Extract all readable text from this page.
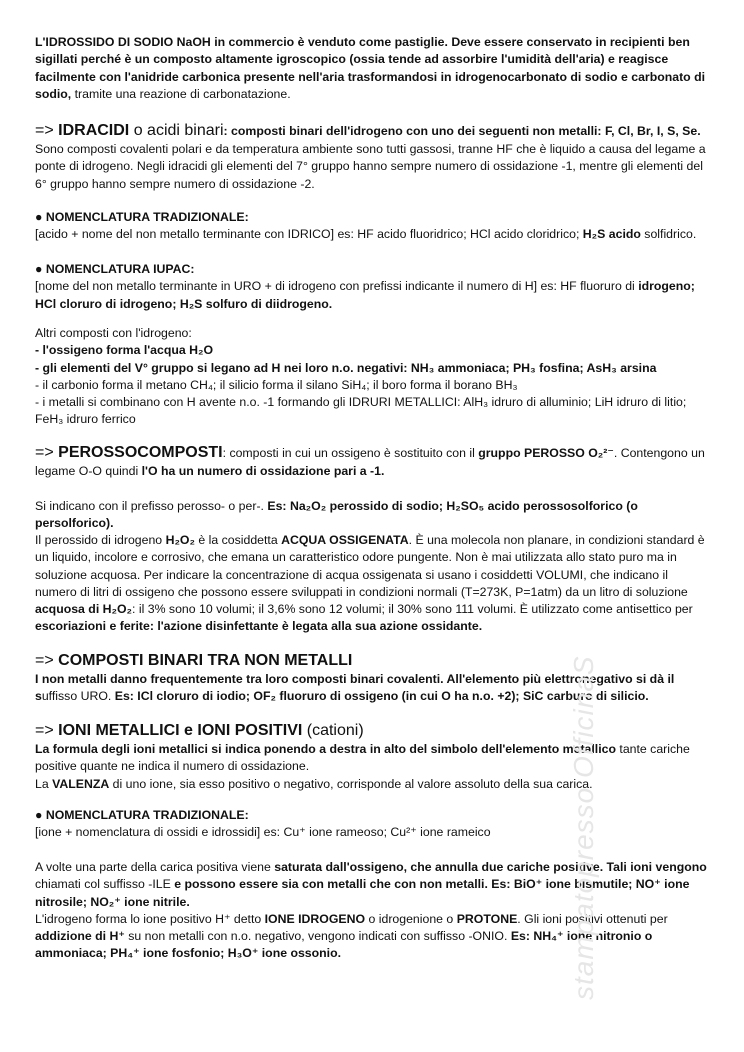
L'IDROSSIDO DI SODIO NaOH in commercio è venduto come pastiglie. Deve essere conservato in recipienti ben sigillati perché è un composto altamente igroscopico (ossia tende ad assorbire l'umidità dell'aria) e reagisce facilmente con l'anidride carbonica presente nell'aria trasformandosi in idrogenocarbonato di sodio e carbonato di sodio, tramite una reazione di carbonatazione.

=> IDRACIDI o acidi binari: composti binari dell'idrogeno con uno dei seguenti non metalli: F, Cl, Br, I, S, Se.

Sono composti covalenti polari e da temperatura ambiente sono tutti gassosi, tranne HF che è liquido a causa del legame a ponte di idrogeno. Negli idracidi gli elementi del 7° gruppo hanno sempre numero di ossidazione -1, mentre gli elementi del 6° gruppo hanno sempre numero di ossidazione -2.

● NOMENCLATURA TRADIZIONALE:

[acido + nome del non metallo terminante con IDRICO] es: HF acido fluoridrico; HCl acido cloridrico; H₂S acido solfidrico.

● NOMENCLATURA IUPAC:

[nome del non metallo terminante in URO + di idrogeno con prefissi indicante il numero di H] es: HF fluoruro di idrogeno; HCl cloruro di idrogeno; H₂S solfuro di diidrogeno.

Altri composti con l'idrogeno:

- l'ossigeno forma l'acqua H₂O

- gli elementi del V° gruppo si legano ad H nei loro n.o. negativi: NH₃ ammoniaca; PH₃ fosfina; AsH₃ arsina

- il carbonio forma il metano CH₄; il silicio forma il silano SiH₄; il boro forma il borano BH₃

- i metalli si combinano con H avente n.o. -1 formando gli IDRURI METALLICI: AlH₃ idruro di alluminio; LiH idruro di litio; FeH₃ idruro ferrico

=> PEROSSOCOMPOSTI: composti in cui un ossigeno è sostituito con il gruppo PEROSSO O₂²⁻. Contengono un legame O-O quindi l'O ha un numero di ossidazione pari a -1.

Si indicano con il prefisso perosso- o per-. Es: Na₂O₂ perossido di sodio; H₂SO₅ acido perossosolforico (o persolforico).

Il perossido di idrogeno H₂O₂ è la cosiddetta ACQUA OSSIGENATA. È una molecola non planare, in condizioni standard è un liquido, incolore e corrosivo, che emana un caratteristico odore pungente. Non è mai utilizzata allo stato puro ma in soluzione acquosa. Per indicare la concentrazione di acqua ossigenata si usano i cosiddetti VOLUMI, che indicano il numero di litri di ossigeno che possono essere sviluppati in condizioni normali (T=273K, P=1atm) da un litro di soluzione acquosa di H₂O₂: il 3% sono 10 volumi; il 3,6% sono 12 volumi; il 30% sono 111 volumi. È utilizzato come antisettico per escoriazioni e ferite: l'azione disinfettante è legata alla sua azione ossidante.

=> COMPOSTI BINARI TRA NON METALLI

I non metalli danno frequentemente tra loro composti binari covalenti. All'elemento più elettronegativo si dà il suffisso URO. Es: ICl cloruro di iodio; OF₂ fluoruro di ossigeno (in cui O ha n.o. +2); SiC carburo di silicio.

=> IONI METALLICI e IONI POSITIVI (cationi)

La formula degli ioni metallici si indica ponendo a destra in alto del simbolo dell'elemento metallico tante cariche positive quante ne indica il numero di ossidazione.

La VALENZA di uno ione, sia esso positivo o negativo, corrisponde al valore assoluto della sua carica.

● NOMENCLATURA TRADIZIONALE:

[ione + nomenclatura di ossidi e idrossidi] es: Cu⁺ ione rameoso; Cu²⁺ ione rameico

A volte una parte della carica positiva viene saturata dall'ossigeno, che annulla due cariche positive. Tali ioni vengono chiamati col suffisso -ILE e possono essere sia con metalli che con non metalli. Es: BiO⁺ ione bismutile; NO⁺ ione nitrosile; NO₂⁺ ione nitrile.

L'idrogeno forma lo ione positivo H⁺ detto IONE IDROGENO o idrogenione o PROTONE. Gli ioni positivi ottenuti per addizione di H⁺ su non metalli con n.o. negativo, vengono indicati con suffisso -ONIO. Es: NH₄⁺ ione nitronio o ammoniaca; PH₄⁺ ione fosfonio; H₃O⁺ ione ossonio.	stampatopresso OfficinaS
